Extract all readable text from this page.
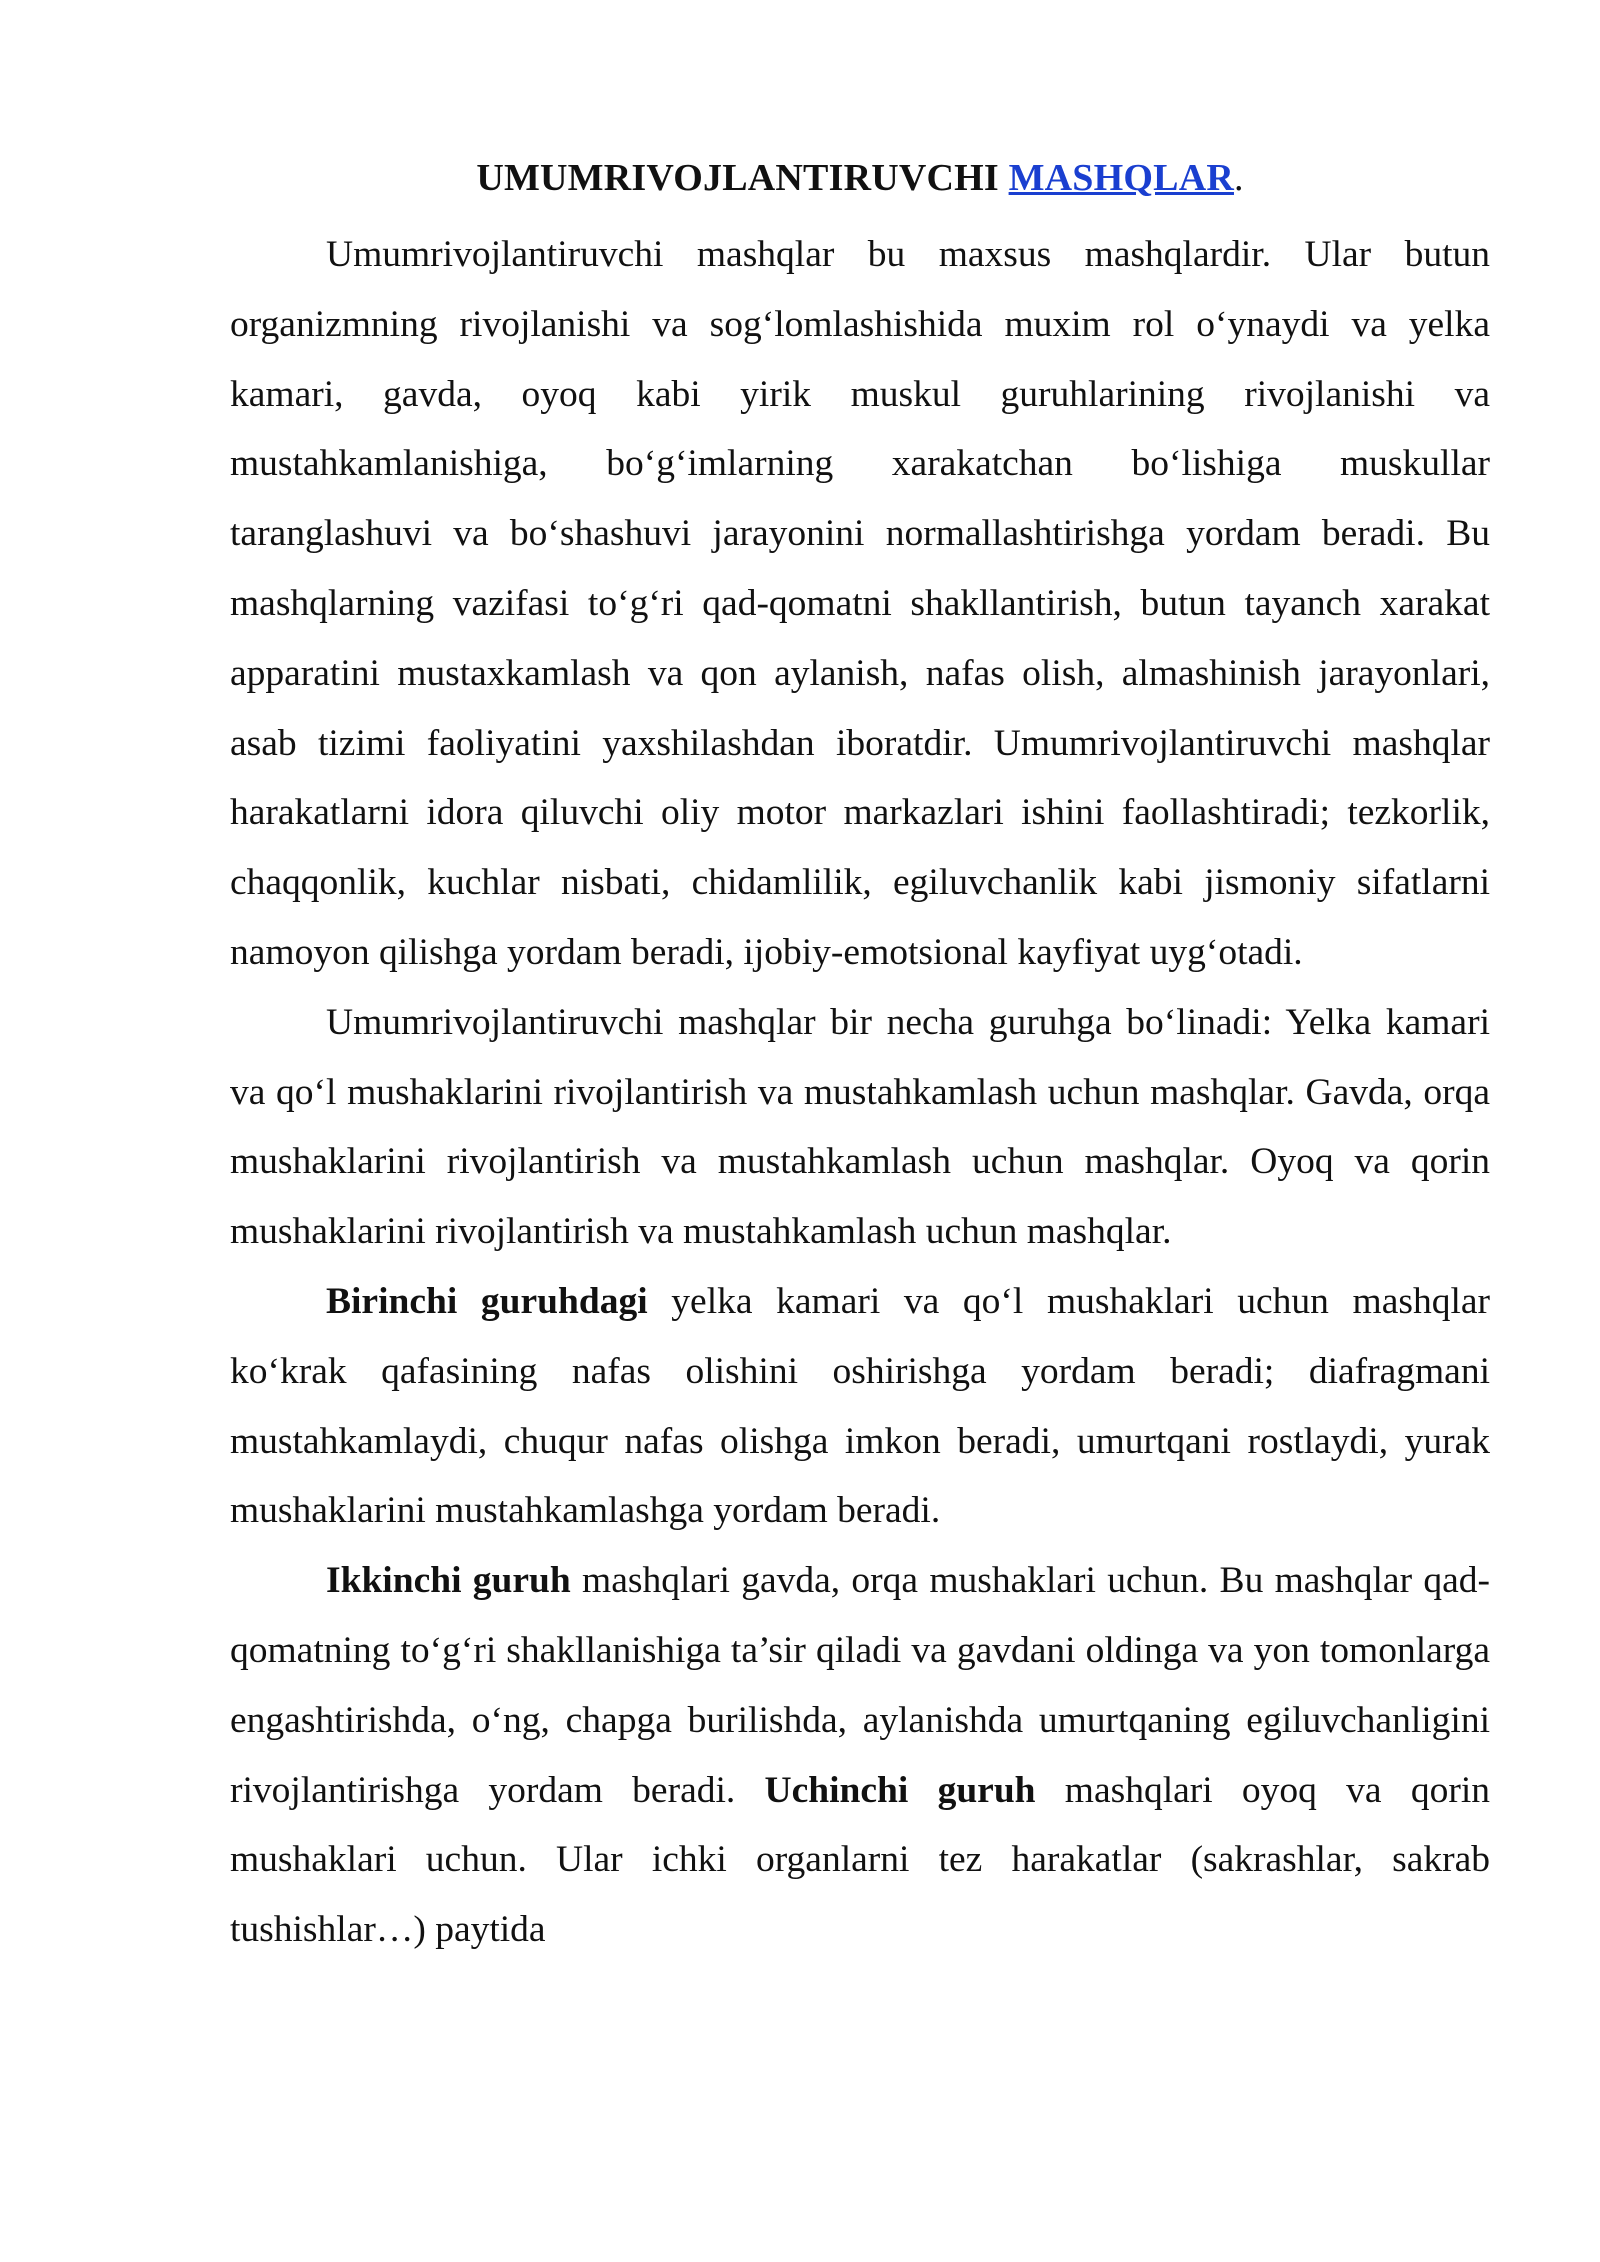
UMUMRIVOJLANTIRUVCHI MASHQLAR.

Umumrivojlantiruvchi mashqlar bu maxsus mashqlardir. Ular butun organizmning rivojlanishi va sog‘lomlashishida muxim rol o‘ynaydi va yelka kamari, gavda, oyoq kabi yirik muskul guruhlarining rivojlanishi va mustahkamlanishiga, bo‘g‘imlarning xarakatchan bo‘lishiga muskullar taranglashuvi va bo‘shashuvi jarayonini normallashtirishga yordam beradi. Bu mashqlarning vazifasi to‘g‘ri qad-qomatni shakllantirish, butun tayanch xarakat apparatini mustaxkamlash va qon aylanish, nafas olish, almashinish jarayonlari, asab tizimi faoliyatini yaxshilashdan iboratdir. Umumrivojlantiruvchi mashqlar harakatlarni idora qiluvchi oliy motor markazlari ishini faollashtiradi; tezkorlik, chaqqonlik, kuchlar nisbati, chidamlilik, egiluvchanlik kabi jismoniy sifatlarni namoyon qilishga yordam beradi, ijobiy-emotsional kayfiyat uyg‘otadi.

Umumrivojlantiruvchi mashqlar bir necha guruhga bo‘linadi: Yelka kamari va qo‘l mushaklarini rivojlantirish va mustahkamlash uchun mashqlar. Gavda, orqa mushaklarini rivojlantirish va mustahkamlash uchun mashqlar. Oyoq va qorin mushaklarini rivojlantirish va mustahkamlash uchun mashqlar.

Birinchi guruhdagi yelka kamari va qo‘l mushaklari uchun mashqlar ko‘krak qafasining nafas olishini oshirishga yordam beradi; diafragmani mustahkamlaydi, chuqur nafas olishga imkon beradi, umurtqani rostlaydi, yurak mushaklarini mustahkamlashga yordam beradi.

Ikkinchi guruh mashqlari gavda, orqa mushaklari uchun. Bu mashqlar qad-qomatning to‘g‘ri shakllanishiga ta’sir qiladi va gavdani oldinga va yon tomonlarga engashtirishda, o‘ng, chapga burilishda, aylanishda umurtqaning egiluvchanligini rivojlantirishga yordam beradi. Uchinchi guruh mashqlari oyoq va qorin mushaklari uchun. Ular ichki organlarni tez harakatlar (sakrashlar, sakrab tushishlar…) paytida
